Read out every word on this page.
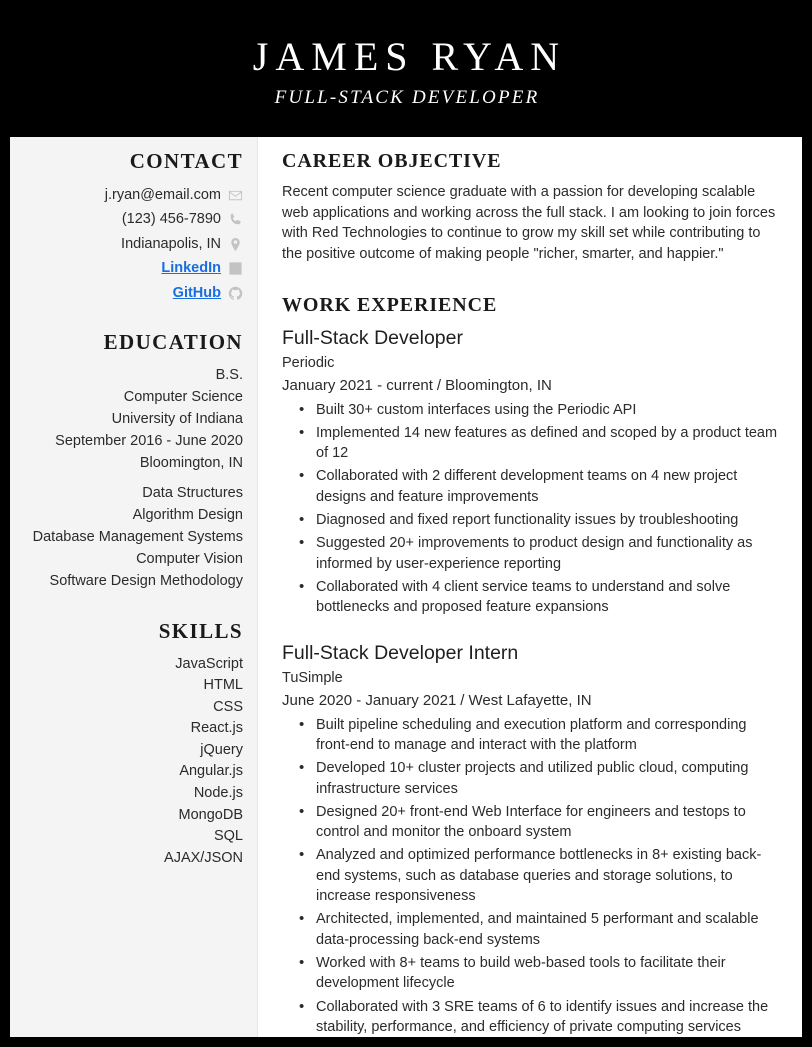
JAMES RYAN
FULL-STACK DEVELOPER
CONTACT
j.ryan@email.com
(123) 456-7890
Indianapolis, IN
LinkedIn
GitHub
EDUCATION
B.S.
Computer Science
University of Indiana
September 2016 - June 2020
Bloomington, IN
Data Structures
Algorithm Design
Database Management Systems
Computer Vision
Software Design Methodology
SKILLS
JavaScript
HTML
CSS
React.js
jQuery
Angular.js
Node.js
MongoDB
SQL
AJAX/JSON
CAREER OBJECTIVE

Recent computer science graduate with a passion for developing scalable web applications and working across the full stack. I am looking to join forces with Red Technologies to continue to grow my skill set while contributing to the positive outcome of making people "richer, smarter, and happier."

WORK EXPERIENCE
Full-Stack Developer
Periodic
January 2021 - current / Bloomington, IN
• Built 30+ custom interfaces using the Periodic API
• Implemented 14 new features as defined and scoped by a product team of 12
• Collaborated with 2 different development teams on 4 new project designs and feature improvements
• Diagnosed and fixed report functionality issues by troubleshooting
• Suggested 20+ improvements to product design and functionality as informed by user-experience reporting
• Collaborated with 4 client service teams to understand and solve bottlenecks and proposed feature expansions
Full-Stack Developer Intern
TuSimple
June 2020 - January 2021 / West Lafayette, IN
• Built pipeline scheduling and execution platform and corresponding front-end to manage and interact with the platform
• Developed 10+ cluster projects and utilized public cloud, computing infrastructure services
• Designed 20+ front-end Web Interface for engineers and testops to control and monitor the onboard system
• Analyzed and optimized performance bottlenecks in 8+ existing back-end systems, such as database queries and storage solutions, to increase responsiveness
• Architected, implemented, and maintained 5 performant and scalable data-processing back-end systems
• Worked with 8+ teams to build web-based tools to facilitate their development lifecycle
• Collaborated with 3 SRE teams of 6 to identify issues and increase the stability, performance, and efficiency of private computing services
